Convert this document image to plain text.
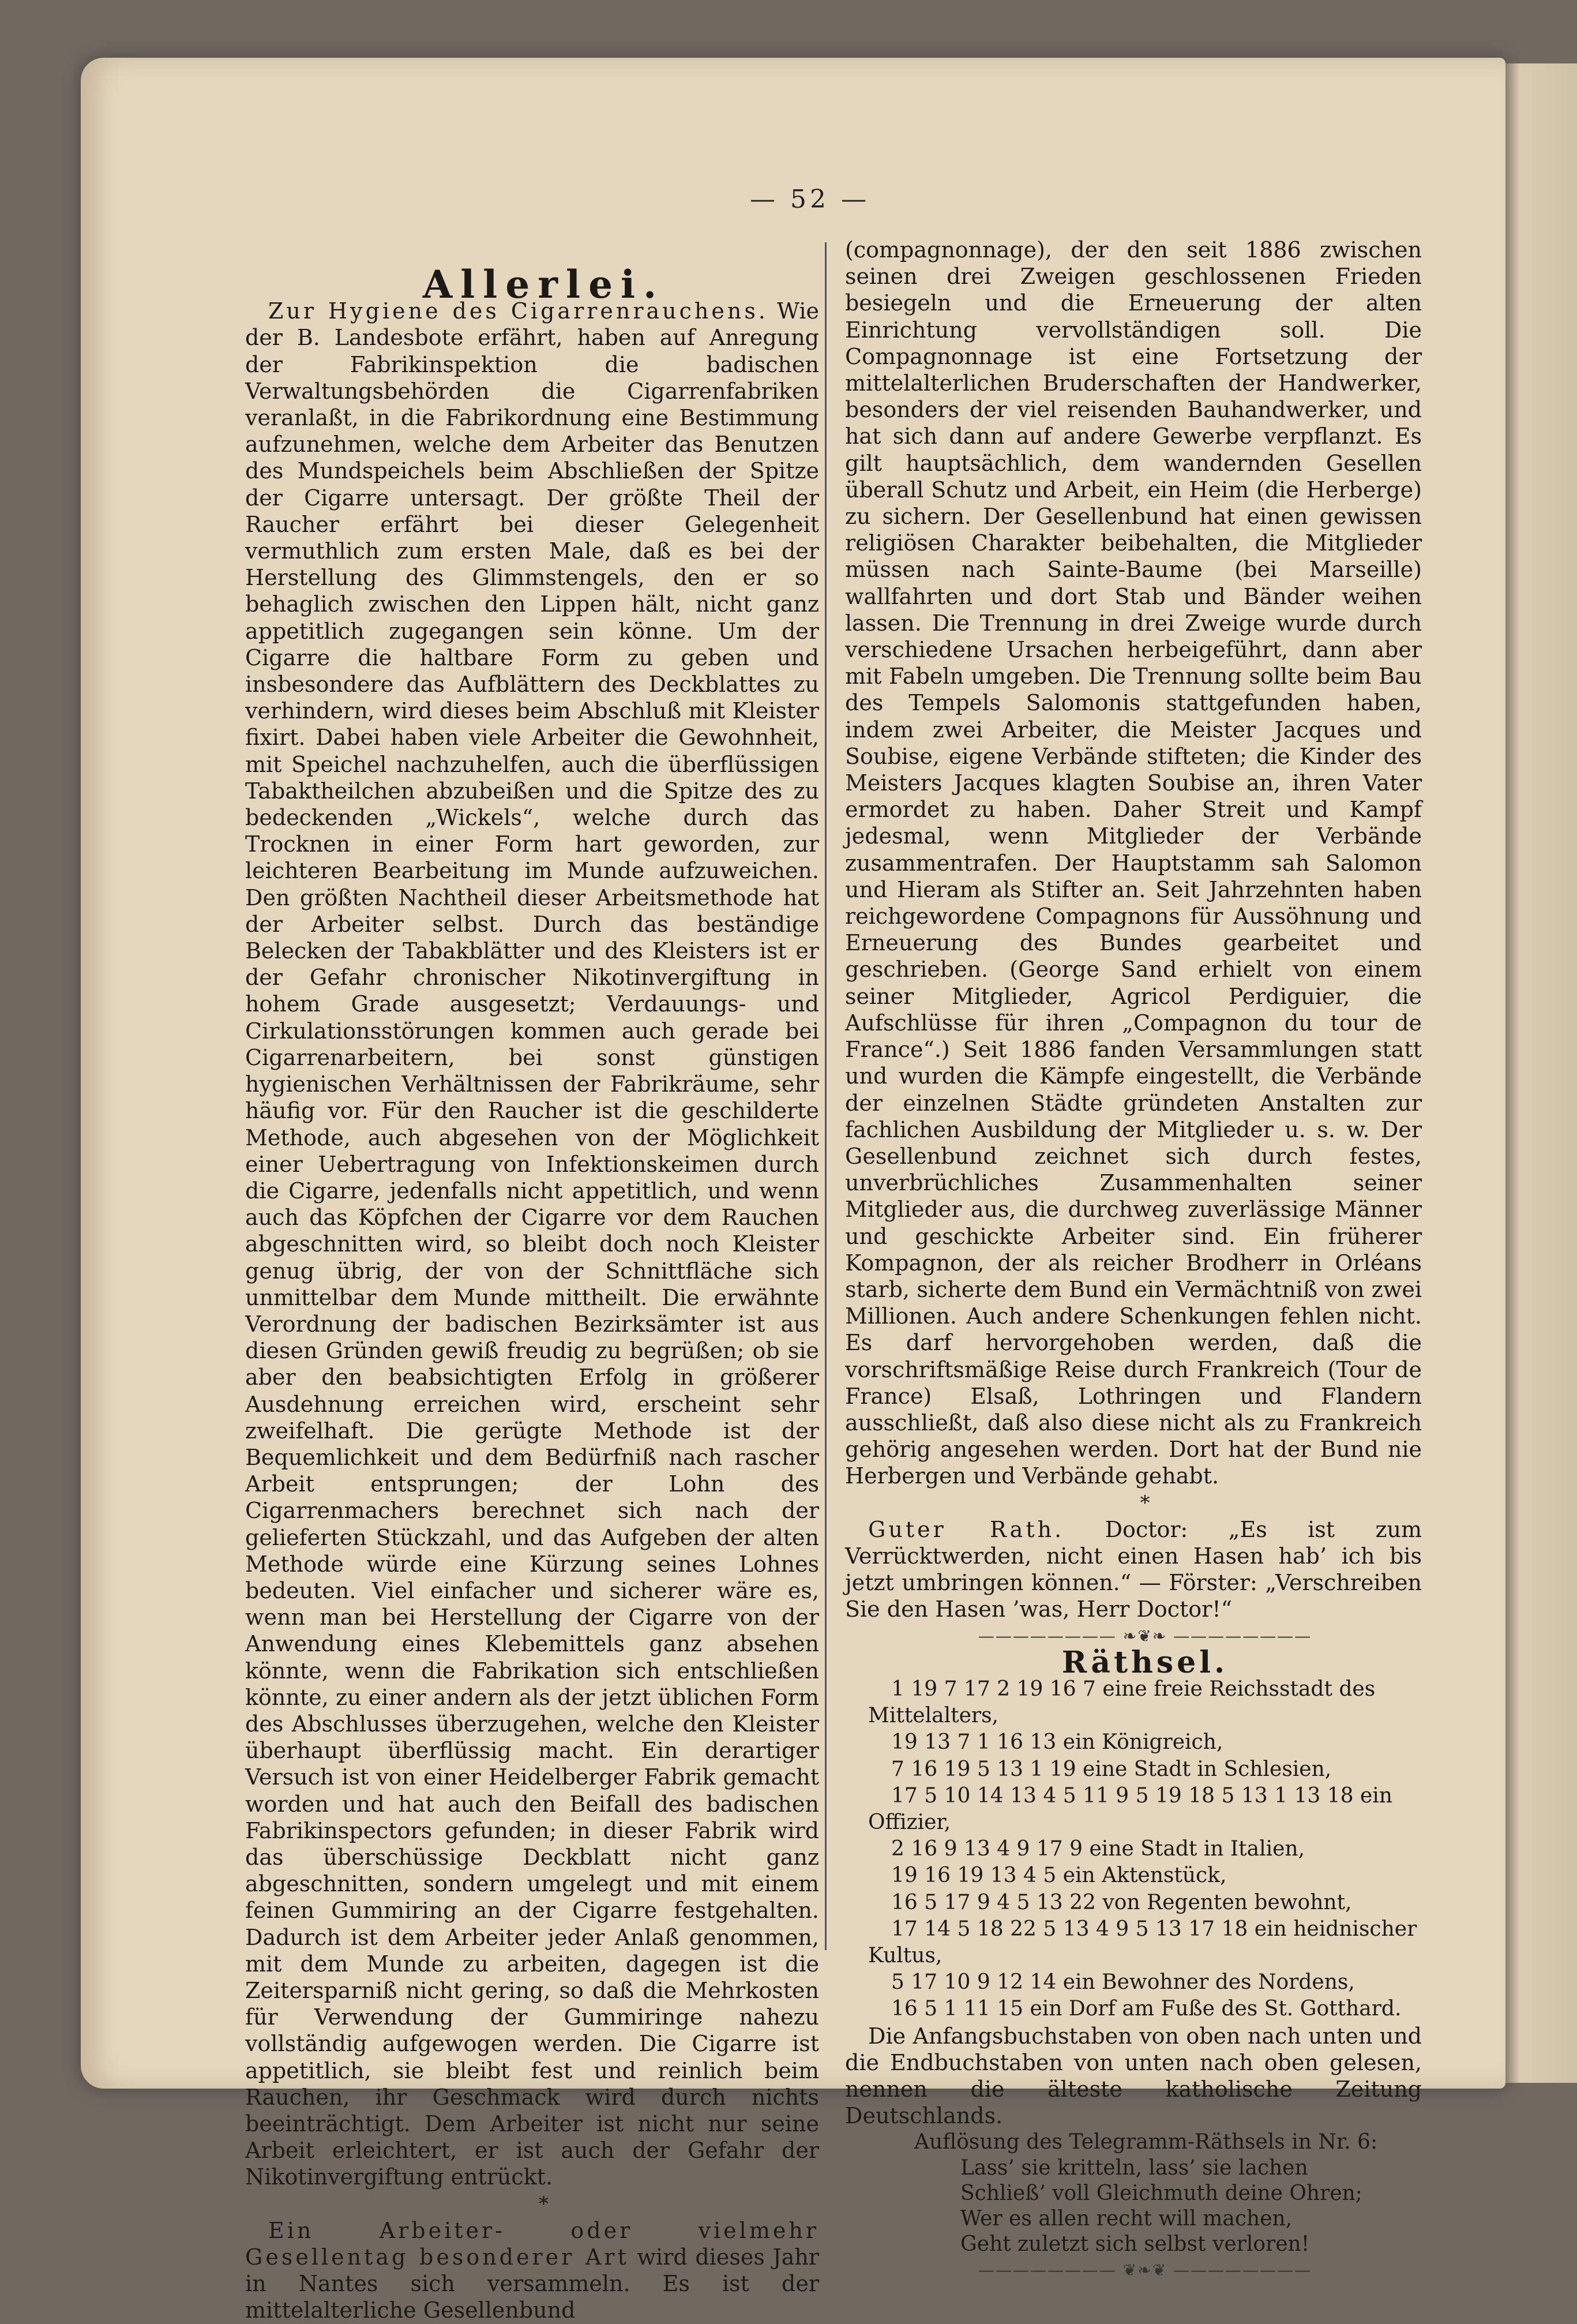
— 52 —

Allerlei.

Zur Hygiene des Cigarrenrauchens. Wie der B. Landesbote erfährt, haben auf Anregung der Fabrikinspektion die badischen Verwaltungsbehörden die Cigarrenfabriken veranlaßt, in die Fabrikordnung eine Bestimmung aufzunehmen, welche dem Arbeiter das Benutzen des Mundspeichels beim Abschließen der Spitze der Cigarre untersagt. Der größte Theil der Raucher erfährt bei dieser Gelegenheit vermuthlich zum ersten Male, daß es bei der Herstellung des Glimmstengels, den er so behaglich zwischen den Lippen hält, nicht ganz appetitlich zugegangen sein könne. Um der Cigarre die haltbare Form zu geben und insbesondere das Aufblättern des Deckblattes zu verhindern, wird dieses beim Abschluß mit Kleister fixirt. Dabei haben viele Arbeiter die Gewohnheit, mit Speichel nachzuhelfen, auch die überflüssigen Tabaktheilchen abzubeißen und die Spitze des zu bedeckenden „Wickels“, welche durch das Trocknen in einer Form hart geworden, zur leichteren Bearbeitung im Munde aufzuweichen. Den größten Nachtheil dieser Arbeitsmethode hat der Arbeiter selbst. Durch das beständige Belecken der Tabakblätter und des Kleisters ist er der Gefahr chronischer Nikotinvergiftung in hohem Grade ausgesetzt; Verdauungs- und Cirkulationsstörungen kommen auch gerade bei Cigarrenarbeitern, bei sonst günstigen hygienischen Verhältnissen der Fabrikräume, sehr häufig vor. Für den Raucher ist die geschilderte Methode, auch abgesehen von der Möglichkeit einer Uebertragung von Infektionskeimen durch die Cigarre, jedenfalls nicht appetitlich, und wenn auch das Köpfchen der Cigarre vor dem Rauchen abgeschnitten wird, so bleibt doch noch Kleister genug übrig, der von der Schnittfläche sich unmittelbar dem Munde mittheilt. Die erwähnte Verordnung der badischen Bezirksämter ist aus diesen Gründen gewiß freudig zu begrüßen; ob sie aber den beabsichtigten Erfolg in größerer Ausdehnung erreichen wird, erscheint sehr zweifelhaft. Die gerügte Methode ist der Bequemlichkeit und dem Bedürfniß nach rascher Arbeit entsprungen; der Lohn des Cigarrenmachers berechnet sich nach der gelieferten Stückzahl, und das Aufgeben der alten Methode würde eine Kürzung seines Lohnes bedeuten. Viel einfacher und sicherer wäre es, wenn man bei Herstellung der Cigarre von der Anwendung eines Klebemittels ganz absehen könnte, wenn die Fabrikation sich entschließen könnte, zu einer andern als der jetzt üblichen Form des Abschlusses überzugehen, welche den Kleister überhaupt überflüssig macht. Ein derartiger Versuch ist von einer Heidelberger Fabrik gemacht worden und hat auch den Beifall des badischen Fabrikinspectors gefunden; in dieser Fabrik wird das überschüssige Deckblatt nicht ganz abgeschnitten, sondern umgelegt und mit einem feinen Gummiring an der Cigarre festgehalten. Dadurch ist dem Arbeiter jeder Anlaß genommen, mit dem Munde zu arbeiten, dagegen ist die Zeitersparniß nicht gering, so daß die Mehrkosten für Verwendung der Gummiringe nahezu vollständig aufgewogen werden. Die Cigarre ist appetitlich, sie bleibt fest und reinlich beim Rauchen, ihr Geschmack wird durch nichts beeinträchtigt. Dem Arbeiter ist nicht nur seine Arbeit erleichtert, er ist auch der Gefahr der Nikotinvergiftung entrückt.

*

Ein Arbeiter- oder vielmehr Gesellentag besonderer Art wird dieses Jahr in Nantes sich versammeln. Es ist der mittelalterliche Gesellenbund

(compagnonnage), der den seit 1886 zwischen seinen drei Zweigen geschlossenen Frieden besiegeln und die Erneuerung der alten Einrichtung vervollständigen soll. Die Compagnonnage ist eine Fortsetzung der mittelalterlichen Bruderschaften der Handwerker, besonders der viel reisenden Bauhandwerker, und hat sich dann auf andere Gewerbe verpflanzt. Es gilt hauptsächlich, dem wandernden Gesellen überall Schutz und Arbeit, ein Heim (die Herberge) zu sichern. Der Gesellenbund hat einen gewissen religiösen Charakter beibehalten, die Mitglieder müssen nach Sainte-Baume (bei Marseille) wallfahrten und dort Stab und Bänder weihen lassen. Die Trennung in drei Zweige wurde durch verschiedene Ursachen herbeigeführt, dann aber mit Fabeln umgeben. Die Trennung sollte beim Bau des Tempels Salomonis stattgefunden haben, indem zwei Arbeiter, die Meister Jacques und Soubise, eigene Verbände stifteten; die Kinder des Meisters Jacques klagten Soubise an, ihren Vater ermordet zu haben. Daher Streit und Kampf jedesmal, wenn Mitglieder der Verbände zusammentrafen. Der Hauptstamm sah Salomon und Hieram als Stifter an. Seit Jahrzehnten haben reichgewordene Compagnons für Aussöhnung und Erneuerung des Bundes gearbeitet und geschrieben. (George Sand erhielt von einem seiner Mitglieder, Agricol Perdiguier, die Aufschlüsse für ihren „Compagnon du tour de France“.) Seit 1886 fanden Versammlungen statt und wurden die Kämpfe eingestellt, die Verbände der einzelnen Städte gründeten Anstalten zur fachlichen Ausbildung der Mitglieder u. s. w. Der Gesellenbund zeichnet sich durch festes, unverbrüchliches Zusammenhalten seiner Mitglieder aus, die durchweg zuverlässige Männer und geschickte Arbeiter sind. Ein früherer Kompagnon, der als reicher Brodherr in Orléans starb, sicherte dem Bund ein Vermächtniß von zwei Millionen. Auch andere Schenkungen fehlen nicht. Es darf hervorgehoben werden, daß die vorschriftsmäßige Reise durch Frankreich (Tour de France) Elsaß, Lothringen und Flandern ausschließt, daß also diese nicht als zu Frankreich gehörig angesehen werden. Dort hat der Bund nie Herbergen und Verbände gehabt.

*

Guter Rath. Doctor: „Es ist zum Verrücktwerden, nicht einen Hasen hab’ ich bis jetzt umbringen können.“ — Förster: „Verschreiben Sie den Hasen ’was, Herr Doctor!“

———————— ❧❦❧ ————————

Räthsel.

1 19 7 17 2 19 16 7 eine freie Reichsstadt des Mittelalters,

19 13 7 1 16 13 ein Königreich,

7 16 19 5 13 1 19 eine Stadt in Schlesien,

17 5 10 14 13 4 5 11 9 5 19 18 5 13 1 13 18 ein Offizier,

2 16 9 13 4 9 17 9 eine Stadt in Italien,

19 16 19 13 4 5 ein Aktenstück,

16 5 17 9 4 5 13 22 von Regenten bewohnt,

17 14 5 18 22 5 13 4 9 5 13 17 18 ein heidnischer Kultus,

5 17 10 9 12 14 ein Bewohner des Nordens,

16 5 1 11 15 ein Dorf am Fuße des St. Gotthard.

Die Anfangsbuchstaben von oben nach unten und die Endbuchstaben von unten nach oben gelesen, nennen die älteste katholische Zeitung Deutschlands.

Auflösung des Telegramm-Räthsels in Nr. 6:

Lass’ sie kritteln, lass’ sie lachen

Schließ’ voll Gleichmuth deine Ohren;

Wer es allen recht will machen,

Geht zuletzt sich selbst verloren!

———————— ❦❧❦ ————————
